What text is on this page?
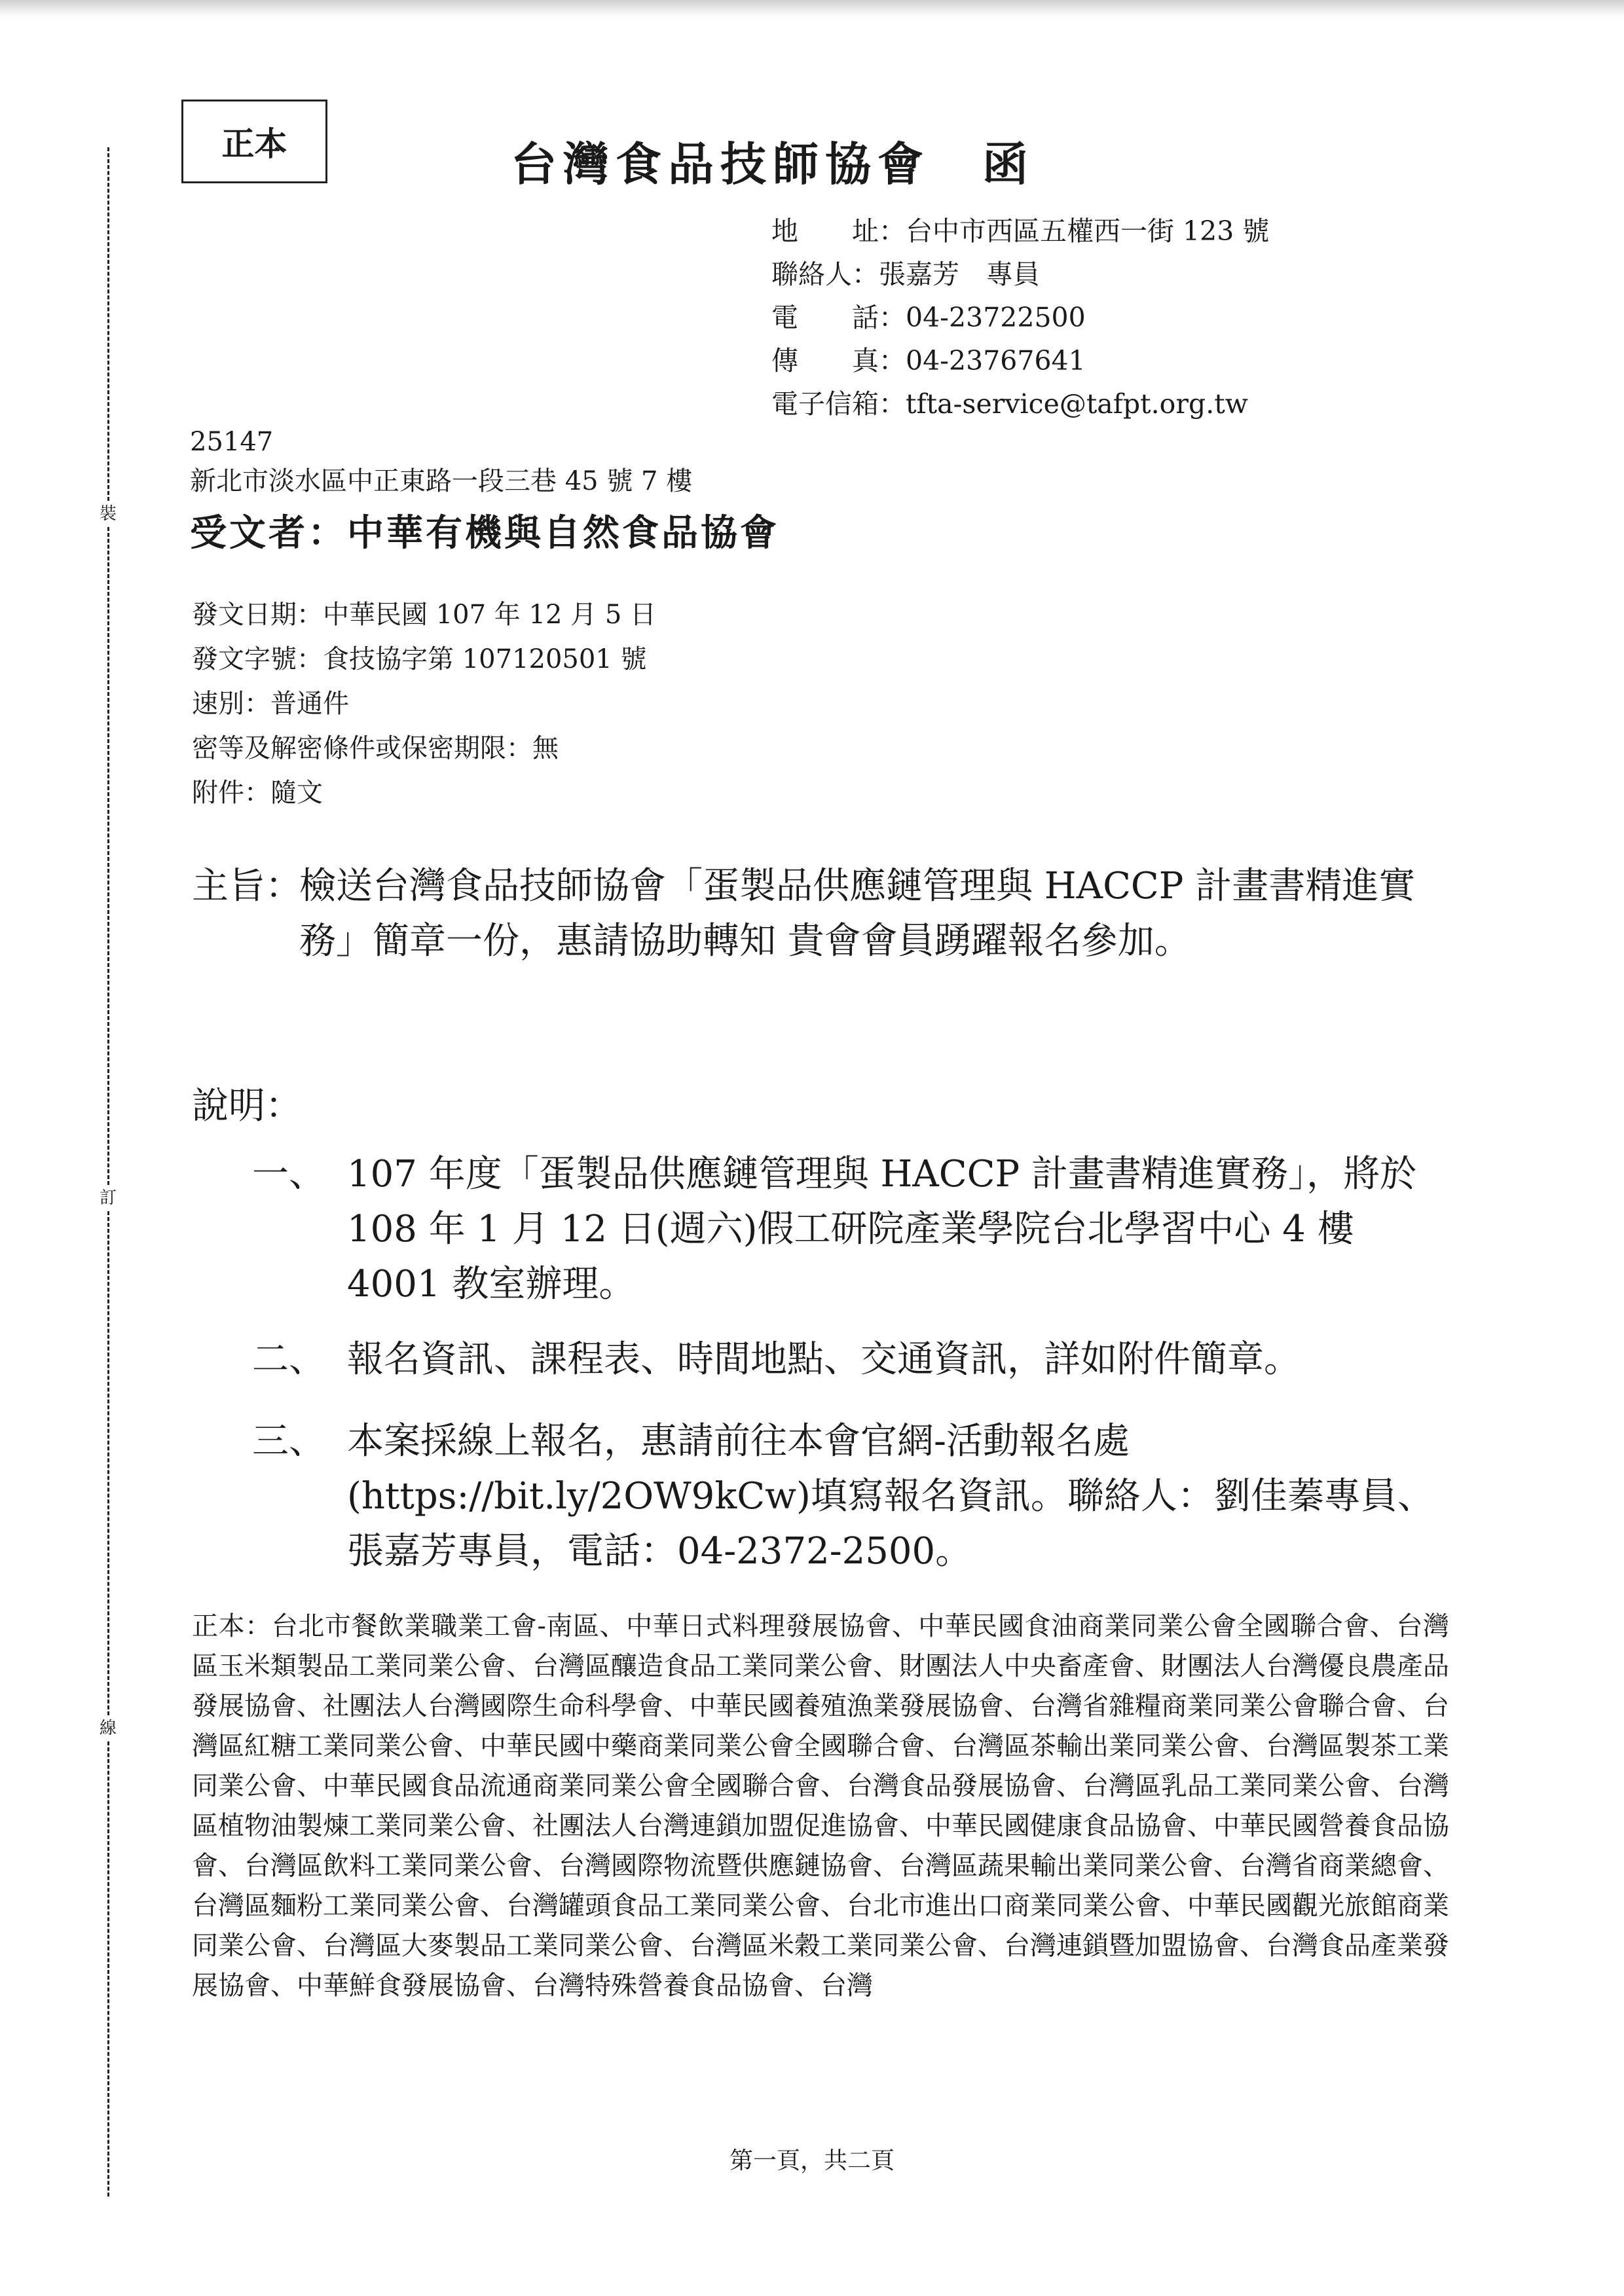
裝
訂
線
正本	台灣食品技師協會　函
地　　址：台中市西區五權西一街 123 號
聯絡人：張嘉芳　專員
電　　話：04-23722500
傳　　真：04-23767641
電子信箱：tfta-service@tafpt.org.tw
25147
新北市淡水區中正東路一段三巷 45 號 7 樓
受文者：中華有機與自然食品協會
發文日期：中華民國 107 年 12 月 5 日
發文字號：食技協字第 107120501 號
速別：普通件
密等及解密條件或保密期限：無
附件：隨文
主旨：
檢送台灣食品技師協會「蛋製品供應鏈管理與 HACCP 計畫書精進實務」簡章一份，惠請協助轉知 貴會會員踴躍報名參加。
說明：
一、 107 年度「蛋製品供應鏈管理與 HACCP 計畫書精進實務」，將於 108 年 1 月 12 日(週六)假工研院產業學院台北學習中心 4 樓 4001 教室辦理。
二、 報名資訊、課程表、時間地點、交通資訊，詳如附件簡章。
三、 本案採線上報名，惠請前往本會官網-活動報名處(https://bit.ly/2OW9kCw)填寫報名資訊。聯絡人：劉佳蓁專員、張嘉芳專員，電話：04-2372-2500。
正本：台北市餐飲業職業工會-南區、中華日式料理發展協會、中華民國食油商業同業公會全國聯合會、台灣區玉米類製品工業同業公會、台灣區釀造食品工業同業公會、財團法人中央畜產會、財團法人台灣優良農產品發展協會、社團法人台灣國際生命科學會、中華民國養殖漁業發展協會、台灣省雜糧商業同業公會聯合會、台灣區紅糖工業同業公會、中華民國中藥商業同業公會全國聯合會、台灣區茶輸出業同業公會、台灣區製茶工業同業公會、中華民國食品流通商業同業公會全國聯合會、台灣食品發展協會、台灣區乳品工業同業公會、台灣區植物油製煉工業同業公會、社團法人台灣連鎖加盟促進協會、中華民國健康食品協會、中華民國營養食品協會、台灣區飲料工業同業公會、台灣國際物流暨供應鏈協會、台灣區蔬果輸出業同業公會、台灣省商業總會、台灣區麵粉工業同業公會、台灣罐頭食品工業同業公會、台北市進出口商業同業公會、中華民國觀光旅館商業同業公會、台灣區大麥製品工業同業公會、台灣區米穀工業同業公會、台灣連鎖暨加盟協會、台灣食品產業發展協會、中華鮮食發展協會、台灣特殊營養食品協會、台灣
第一頁，共二頁
